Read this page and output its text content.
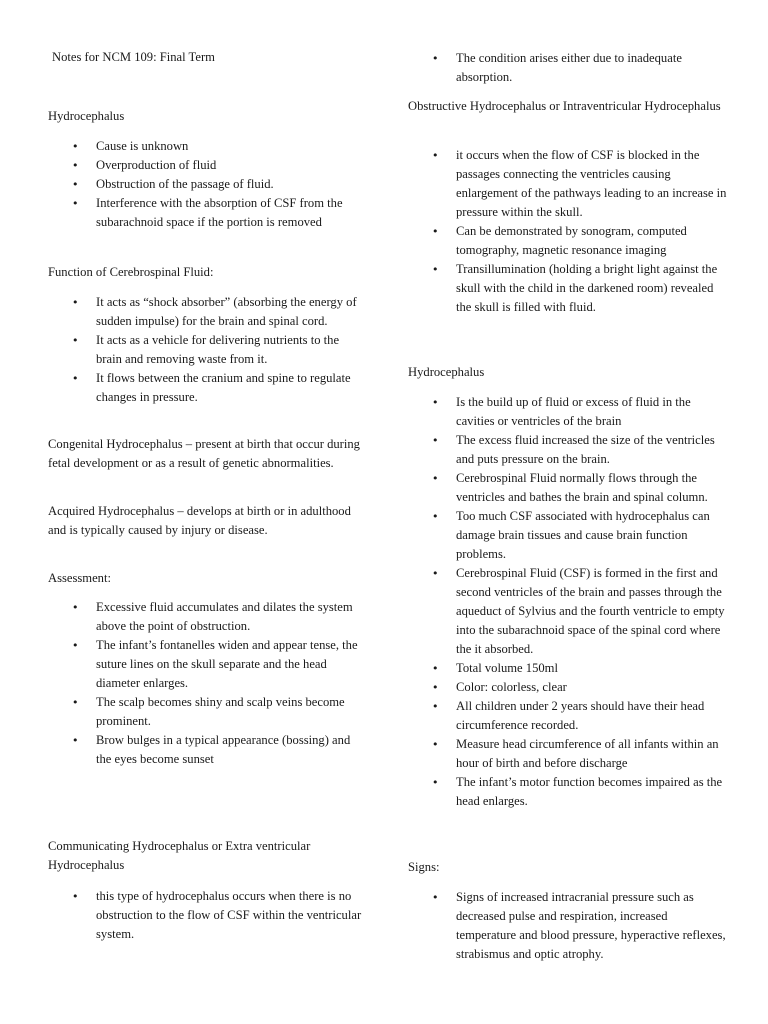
Notes for NCM 109: Final Term

Hydrocephalus

• Cause is unknown
• Overproduction of fluid
• Obstruction of the passage of fluid.
• Interference with the absorption of CSF from the subarachnoid space if the portion is removed

Function of Cerebrospinal Fluid:

• It acts as “shock absorber” (absorbing the energy of sudden impulse) for the brain and spinal cord.
• It acts as a vehicle for delivering nutrients to the brain and removing waste from it.
• It flows between the cranium and spine to regulate changes in pressure.

Congenital Hydrocephalus – present at birth that occur during fetal development or as a result of genetic abnormalities.

Acquired Hydrocephalus – develops at birth or in adulthood and is typically caused by injury or disease.

Assessment:

• Excessive fluid accumulates and dilates the system above the point of obstruction.
• The infant’s fontanelles widen and appear tense, the suture lines on the skull separate and the head diameter enlarges.
• The scalp becomes shiny and scalp veins become prominent.
• Brow bulges in a typical appearance (bossing) and the eyes become sunset

Communicating Hydrocephalus or Extra ventricular Hydrocephalus

• this type of hydrocephalus occurs when there is no obstruction to the flow of CSF within the ventricular system.
• The condition arises either due to inadequate absorption.

Obstructive Hydrocephalus or Intraventricular Hydrocephalus

• it occurs when the flow of CSF is blocked in the passages connecting the ventricles causing enlargement of the pathways leading to an increase in pressure within the skull.
• Can be demonstrated by sonogram, computed tomography, magnetic resonance imaging
• Transillumination (holding a bright light against the skull with the child in the darkened room) revealed the skull is filled with fluid.

Hydrocephalus

• Is the build up of fluid or excess of fluid in the cavities or ventricles of the brain
• The excess fluid increased the size of the ventricles and puts pressure on the brain.
• Cerebrospinal Fluid normally flows through the ventricles and bathes the brain and spinal column.
• Too much CSF associated with hydrocephalus can damage brain tissues and cause brain function problems.
• Cerebrospinal Fluid (CSF) is formed in the first and second ventricles of the brain and passes through the aqueduct of Sylvius and the fourth ventricle to empty into the subarachnoid space of the spinal cord where the it absorbed.
• Total volume 150ml
• Color: colorless, clear
• All children under 2 years should have their head circumference recorded.
• Measure head circumference of all infants within an hour of birth and before discharge
• The infant’s motor function becomes impaired as the head enlarges.

Signs:

• Signs of increased intracranial pressure such as decreased pulse and respiration, increased temperature and blood pressure, hyperactive reflexes, strabismus and optic atrophy.
